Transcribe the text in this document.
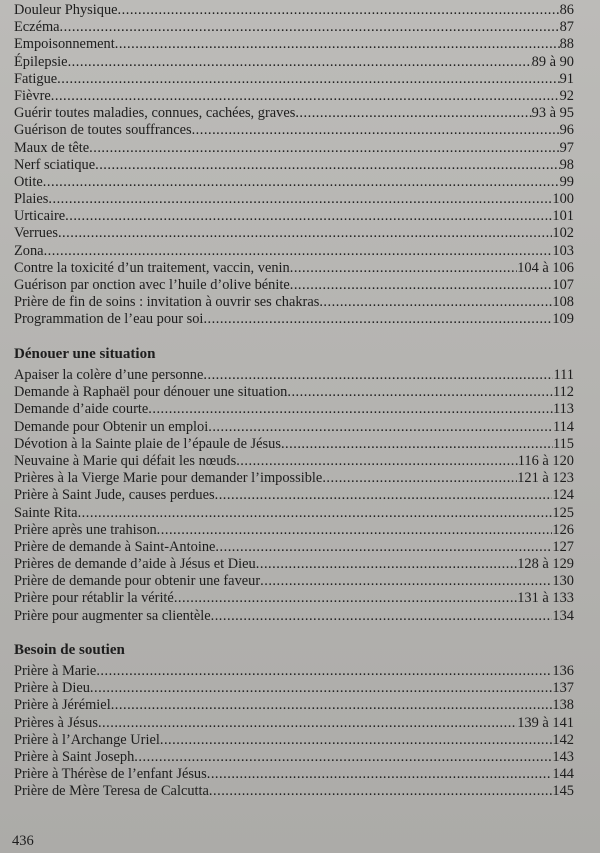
Douleur Physique .....	86
Eczéma .....	87
Empoisonnement .....	88
Épilepsie .....	89 à 90
Fatigue .....	91
Fièvre .....	92
Guérir toutes maladies, connues, cachées, graves .....	93 à 95
Guérison de toutes souffrances .....	96
Maux de tête .....	97
Nerf sciatique .....	98
Otite .....	99
Plaies .....	100
Urticaire .....	101
Verrues .....	102
Zona .....	103
Contre la toxicité d’un traitement, vaccin, venin .....	104 à 106
Guérison par onction avec l’huile d’olive bénite .....	107
Prière de fin de soins : invitation à ouvrir ses chakras .....	108
Programmation de l’eau pour soi .....	109
Dénouer une situation
Apaiser la colère d’une personne .....	111
Demande à Raphaël pour dénouer une situation .....	112
Demande d’aide courte .....	113
Demande pour Obtenir un emploi .....	114
Dévotion à la Sainte plaie de l’épaule de Jésus .....	115
Neuvaine à Marie qui défait les nœuds .....	116 à 120
Prières à la Vierge Marie pour demander l’impossible .....	121 à 123
Prière à Saint Jude, causes perdues .....	124
Sainte Rita .....	125
Prière après une trahison .....	126
Prière de demande à Saint-Antoine .....	127
Prières de demande d’aide à Jésus et Dieu .....	128 à 129
Prière de demande pour obtenir une faveur .....	130
Prière pour rétablir la vérité .....	131 à 133
Prière pour augmenter sa clientèle .....	134
Besoin de soutien
Prière à Marie .....	136
Prière à Dieu .....	137
Prière à Jérémiel .....	138
Prières à Jésus .....	139 à 141
Prière à l’Archange Uriel .....	142
Prière à Saint Joseph .....	143
Prière à Thérèse de l’enfant Jésus .....	144
Prière de Mère Teresa de Calcutta .....	145
436
